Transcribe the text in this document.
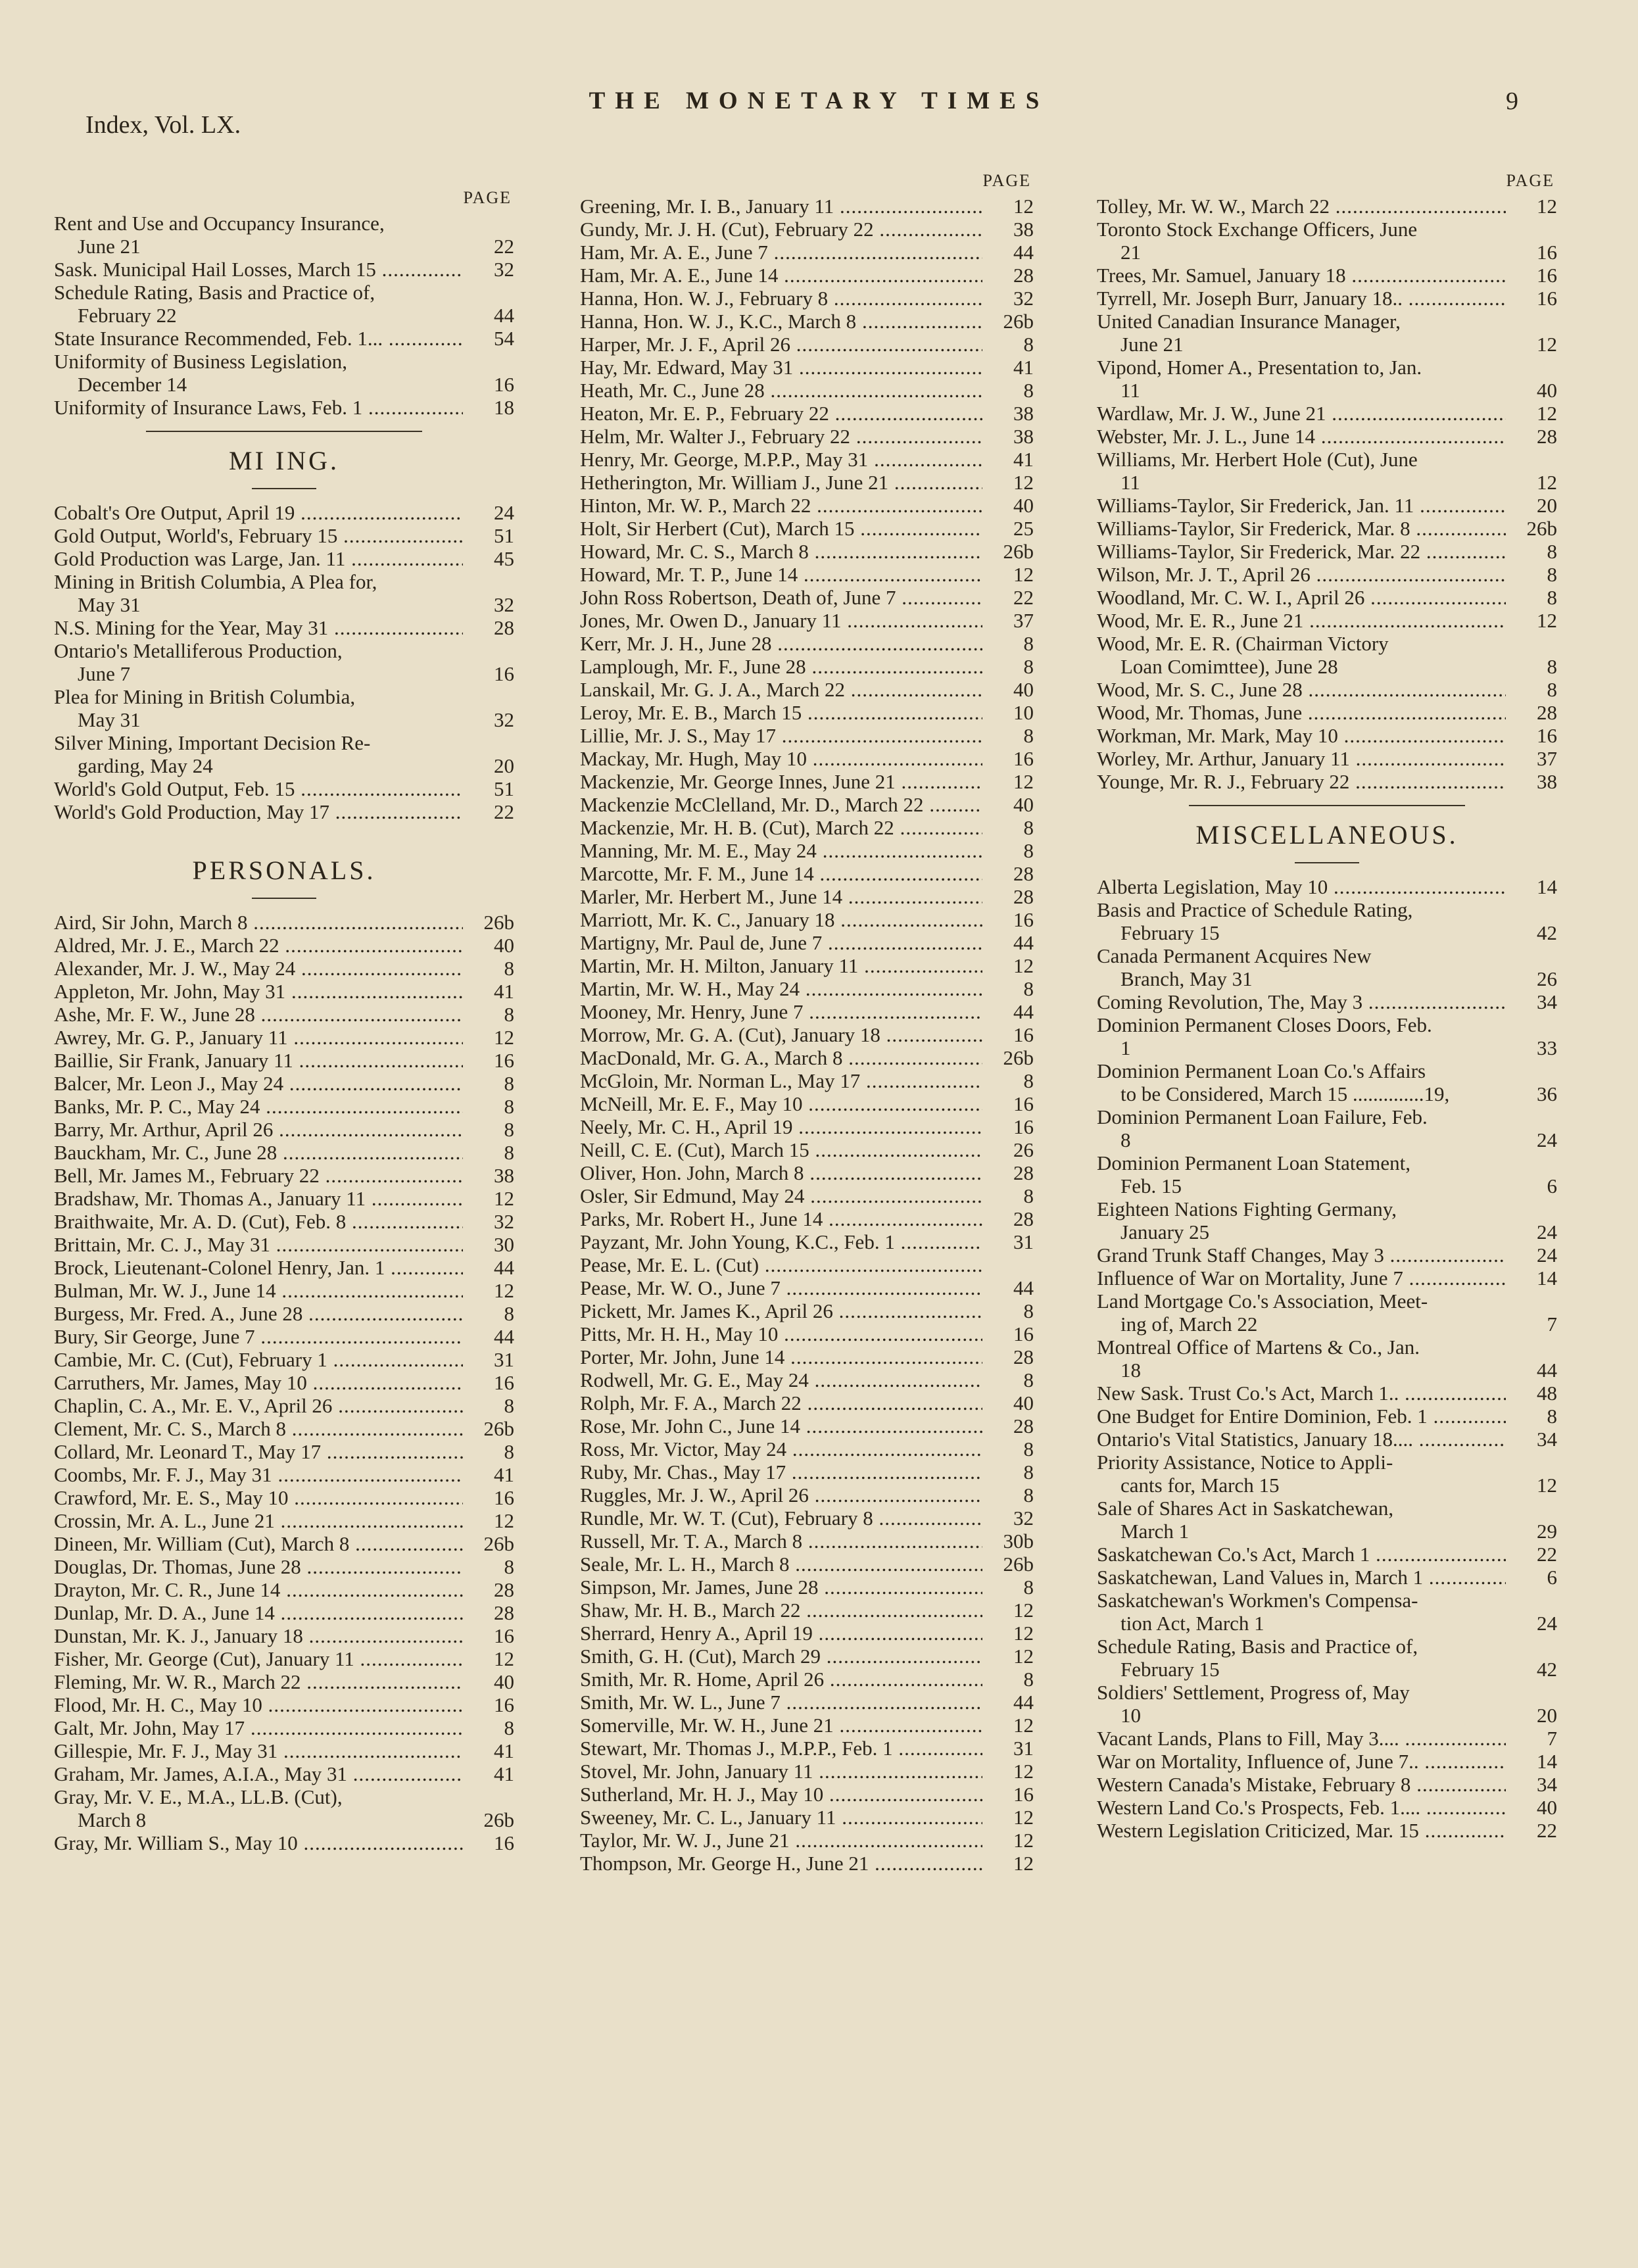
Index, Vol. LX.
THE MONETARY TIMES	9
PAGE
Rent and Use and Occupancy Insurance,
June 21	22
Sask. Municipal Hail Losses, March 15 .....	32
Schedule Rating, Basis and Practice of,
February 22	44
State Insurance Recommended, Feb. 1... .....	54
Uniformity of Business Legislation,
December 14	16
Uniformity of Insurance Laws, Feb. 1 .....	18
MI ING.
Cobalt's Ore Output, April 19 .....	24
Gold Output, World's, February 15 .....	51
Gold Production was Large, Jan. 11 .....	45
Mining in British Columbia, A Plea for,
May 31	32
N.S. Mining for the Year, May 31 .....	28
Ontario's Metalliferous Production,
June 7	16
Plea for Mining in British Columbia,
May 31	32
Silver Mining, Important Decision Re-
garding, May 24	20
World's Gold Output, Feb. 15 .....	51
World's Gold Production, May 17 .....	22
PERSONALS.
Aird, Sir John, March 8 .....	26b
Aldred, Mr. J. E., March 22 .....	40
Alexander, Mr. J. W., May 24 .....	8
Appleton, Mr. John, May 31 .....	41
Ashe, Mr. F. W., June 28 .....	8
Awrey, Mr. G. P., January 11 .....	12
Baillie, Sir Frank, January 11 .....	16
Balcer, Mr. Leon J., May 24 .....	8
Banks, Mr. P. C., May 24 .....	8
Barry, Mr. Arthur, April 26 .....	8
Bauckham, Mr. C., June 28 .....	8
Bell, Mr. James M., February 22 .....	38
Bradshaw, Mr. Thomas A., January 11 .....	12
Braithwaite, Mr. A. D. (Cut), Feb. 8 .....	32
Brittain, Mr. C. J., May 31 .....	30
Brock, Lieutenant-Colonel Henry, Jan. 1 .....	44
Bulman, Mr. W. J., June 14 .....	12
Burgess, Mr. Fred. A., June 28 .....	8
Bury, Sir George, June 7 .....	44
Cambie, Mr. C. (Cut), February 1 .....	31
Carruthers, Mr. James, May 10 .....	16
Chaplin, C. A., Mr. E. V., April 26 .....	8
Clement, Mr. C. S., March 8 .....	26b
Collard, Mr. Leonard T., May 17 .....	8
Coombs, Mr. F. J., May 31 .....	41
Crawford, Mr. E. S., May 10 .....	16
Crossin, Mr. A. L., June 21 .....	12
Dineen, Mr. William (Cut), March 8 .....	26b
Douglas, Dr. Thomas, June 28 .....	8
Drayton, Mr. C. R., June 14 .....	28
Dunlap, Mr. D. A., June 14 .....	28
Dunstan, Mr. K. J., January 18 .....	16
Fisher, Mr. George (Cut), January 11 .....	12
Fleming, Mr. W. R., March 22 .....	40
Flood, Mr. H. C., May 10 .....	16
Galt, Mr. John, May 17 .....	8
Gillespie, Mr. F. J., May 31 .....	41
Graham, Mr. James, A.I.A., May 31 .....	41
Gray, Mr. V. E., M.A., LL.B. (Cut),
March 8	26b
Gray, Mr. William S., May 10 .....	16
PAGE
Greening, Mr. I. B., January 11 .....	12
Gundy, Mr. J. H. (Cut), February 22 .....	38
Ham, Mr. A. E., June 7 .....	44
Ham, Mr. A. E., June 14 .....	28
Hanna, Hon. W. J., February 8 .....	32
Hanna, Hon. W. J., K.C., March 8 .....	26b
Harper, Mr. J. F., April 26 .....	8
Hay, Mr. Edward, May 31 .....	41
Heath, Mr. C., June 28 .....	8
Heaton, Mr. E. P., February 22 .....	38
Helm, Mr. Walter J., February 22 .....	38
Henry, Mr. George, M.P.P., May 31 .....	41
Hetherington, Mr. William J., June 21 .....	12
Hinton, Mr. W. P., March 22 .....	40
Holt, Sir Herbert (Cut), March 15 .....	25
Howard, Mr. C. S., March 8 .....	26b
Howard, Mr. T. P., June 14 .....	12
John Ross Robertson, Death of, June 7 .....	22
Jones, Mr. Owen D., January 11 .....	37
Kerr, Mr. J. H., June 28 .....	8
Lamplough, Mr. F., June 28 .....	8
Lanskail, Mr. G. J. A., March 22 .....	40
Leroy, Mr. E. B., March 15 .....	10
Lillie, Mr. J. S., May 17 .....	8
Mackay, Mr. Hugh, May 10 .....	16
Mackenzie, Mr. George Innes, June 21 .....	12
Mackenzie McClelland, Mr. D., March 22 .....	40
Mackenzie, Mr. H. B. (Cut), March 22 .....	8
Manning, Mr. M. E., May 24 .....	8
Marcotte, Mr. F. M., June 14 .....	28
Marler, Mr. Herbert M., June 14 .....	28
Marriott, Mr. K. C., January 18 .....	16
Martigny, Mr. Paul de, June 7 .....	44
Martin, Mr. H. Milton, January 11 .....	12
Martin, Mr. W. H., May 24 .....	8
Mooney, Mr. Henry, June 7 .....	44
Morrow, Mr. G. A. (Cut), January 18 .....	16
MacDonald, Mr. G. A., March 8 .....	26b
McGloin, Mr. Norman L., May 17 .....	8
McNeill, Mr. E. F., May 10 .....	16
Neely, Mr. C. H., April 19 .....	16
Neill, C. E. (Cut), March 15 .....	26
Oliver, Hon. John, March 8 .....	28
Osler, Sir Edmund, May 24 .....	8
Parks, Mr. Robert H., June 14 .....	28
Payzant, Mr. John Young, K.C., Feb. 1 .....	31
Pease, Mr. E. L. (Cut) .....
Pease, Mr. W. O., June 7 .....	44
Pickett, Mr. James K., April 26 .....	8
Pitts, Mr. H. H., May 10 .....	16
Porter, Mr. John, June 14 .....	28
Rodwell, Mr. G. E., May 24 .....	8
Rolph, Mr. F. A., March 22 .....	40
Rose, Mr. John C., June 14 .....	28
Ross, Mr. Victor, May 24 .....	8
Ruby, Mr. Chas., May 17 .....	8
Ruggles, Mr. J. W., April 26 .....	8
Rundle, Mr. W. T. (Cut), February 8 .....	32
Russell, Mr. T. A., March 8 .....	30b
Seale, Mr. L. H., March 8 .....	26b
Simpson, Mr. James, June 28 .....	8
Shaw, Mr. H. B., March 22 .....	12
Sherrard, Henry A., April 19 .....	12
Smith, G. H. (Cut), March 29 .....	12
Smith, Mr. R. Home, April 26 .....	8
Smith, Mr. W. L., June 7 .....	44
Somerville, Mr. W. H., June 21 .....	12
Stewart, Mr. Thomas J., M.P.P., Feb. 1 .....	31
Stovel, Mr. John, January 11 .....	12
Sutherland, Mr. H. J., May 10 .....	16
Sweeney, Mr. C. L., January 11 .....	12
Taylor, Mr. W. J., June 21 .....	12
Thompson, Mr. George H., June 21 .....	12
PAGE
Tolley, Mr. W. W., March 22 .....	12
Toronto Stock Exchange Officers, June
21	16
Trees, Mr. Samuel, January 18 .....	16
Tyrrell, Mr. Joseph Burr, January 18.. .....	16
United Canadian Insurance Manager,
June 21	12
Vipond, Homer A., Presentation to, Jan.
11	40
Wardlaw, Mr. J. W., June 21 .....	12
Webster, Mr. J. L., June 14 .....	28
Williams, Mr. Herbert Hole (Cut), June
11	12
Williams-Taylor, Sir Frederick, Jan. 11 .....	20
Williams-Taylor, Sir Frederick, Mar. 8 .....	26b
Williams-Taylor, Sir Frederick, Mar. 22 .....	8
Wilson, Mr. J. T., April 26 .....	8
Woodland, Mr. C. W. I., April 26 .....	8
Wood, Mr. E. R., June 21 .....	12
Wood, Mr. E. R. (Chairman Victory
Loan Comimttee), June 28	8
Wood, Mr. S. C., June 28 .....	8
Wood, Mr. Thomas, June .....	28
Workman, Mr. Mark, May 10 .....	16
Worley, Mr. Arthur, January 11 .....	37
Younge, Mr. R. J., February 22 .....	38
MISCELLANEOUS.
Alberta Legislation, May 10 .....	14
Basis and Practice of Schedule Rating,
February 15	42
Canada Permanent Acquires New
Branch, May 31	26
Coming Revolution, The, May 3 .....	34
Dominion Permanent Closes Doors, Feb.
1	33
Dominion Permanent Loan Co.'s Affairs
to be Considered, March 15 ..............19,	36
Dominion Permanent Loan Failure, Feb.
8	24
Dominion Permanent Loan Statement,
Feb. 15	6
Eighteen Nations Fighting Germany,
January 25	24
Grand Trunk Staff Changes, May 3 .....	24
Influence of War on Mortality, June 7 .....	14
Land Mortgage Co.'s Association, Meet-
ing of, March 22	7
Montreal Office of Martens & Co., Jan.
18	44
New Sask. Trust Co.'s Act, March 1.. .....	48
One Budget for Entire Dominion, Feb. 1 .....	8
Ontario's Vital Statistics, January 18.... .....	34
Priority Assistance, Notice to Appli-
cants for, March 15	12
Sale of Shares Act in Saskatchewan,
March 1	29
Saskatchewan Co.'s Act, March 1 .....	22
Saskatchewan, Land Values in, March 1 .....	6
Saskatchewan's Workmen's Compensa-
tion Act, March 1	24
Schedule Rating, Basis and Practice of,
February 15	42
Soldiers' Settlement, Progress of, May
10	20
Vacant Lands, Plans to Fill, May 3.... .....	7
War on Mortality, Influence of, June 7.. .....	14
Western Canada's Mistake, February 8 .....	34
Western Land Co.'s Prospects, Feb. 1.... .....	40
Western Legislation Criticized, Mar. 15 .....	22
